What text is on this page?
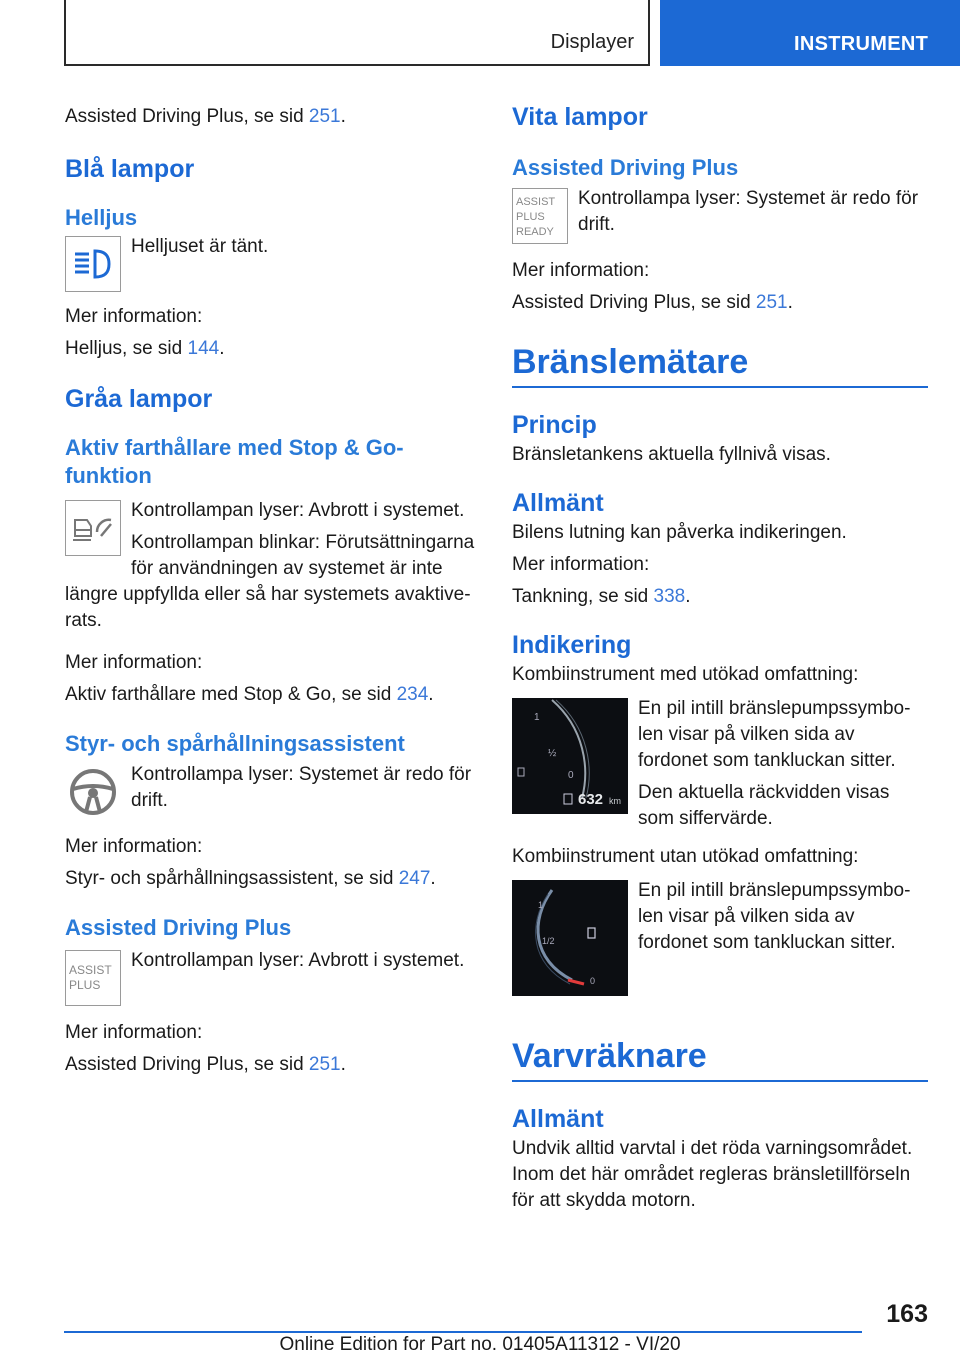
Displayer	INSTRUMENT

Assisted Driving Plus, se sid 251.

Blå lampor
Helljus

Helljuset är tänt.

Mer information:

Helljus, se sid 144.

Gråa lampor
Aktiv farthållare med Stop & Go-funktion

Kontrollampan lyser: Avbrott i systemet.

Kontrollampan blinkar: Förutsättningarna för användningen av systemet är inte

längre uppfyllda eller så har systemets avaktive-rats.

Mer information:

Aktiv farthållare med Stop & Go, se sid 234.

Styr- och spårhållningsassistent

Kontrollampa lyser: Systemet är redo för drift.

Mer information:

Styr- och spårhållningsassistent, se sid 247.

Assisted Driving Plus
ASSIST
PLUS

Kontrollampan lyser: Avbrott i systemet.

Mer information:

Assisted Driving Plus, se sid 251.

Vita lampor
Assisted Driving Plus
ASSIST
PLUS
READY

Kontrollampa lyser: Systemet är redo för drift.

Mer information:

Assisted Driving Plus, se sid 251.

Bränslemätare
Princip

Bränsletankens aktuella fyllnivå visas.

Allmänt

Bilens lutning kan påverka indikeringen.

Mer information:

Tankning, se sid 338.

Indikering

Kombiinstrument med utökad omfattning:

1
½
0
632 km

En pil intill bränslepumpssymbo-len visar på vilken sida av fordonet som tankluckan sitter.

Den aktuella räckvidden visas som siffervärde.

Kombiinstrument utan utökad omfattning:

1
1/2
0

En pil intill bränslepumpssymbo-len visar på vilken sida av fordonet som tankluckan sitter.

Varvräknare
Allmänt

Undvik alltid varvtal i det röda varningsområdet. Inom det här området regleras bränsletillförseln för att skydda motorn.

163
Online Edition for Part no. 01405A11312 - VI/20
